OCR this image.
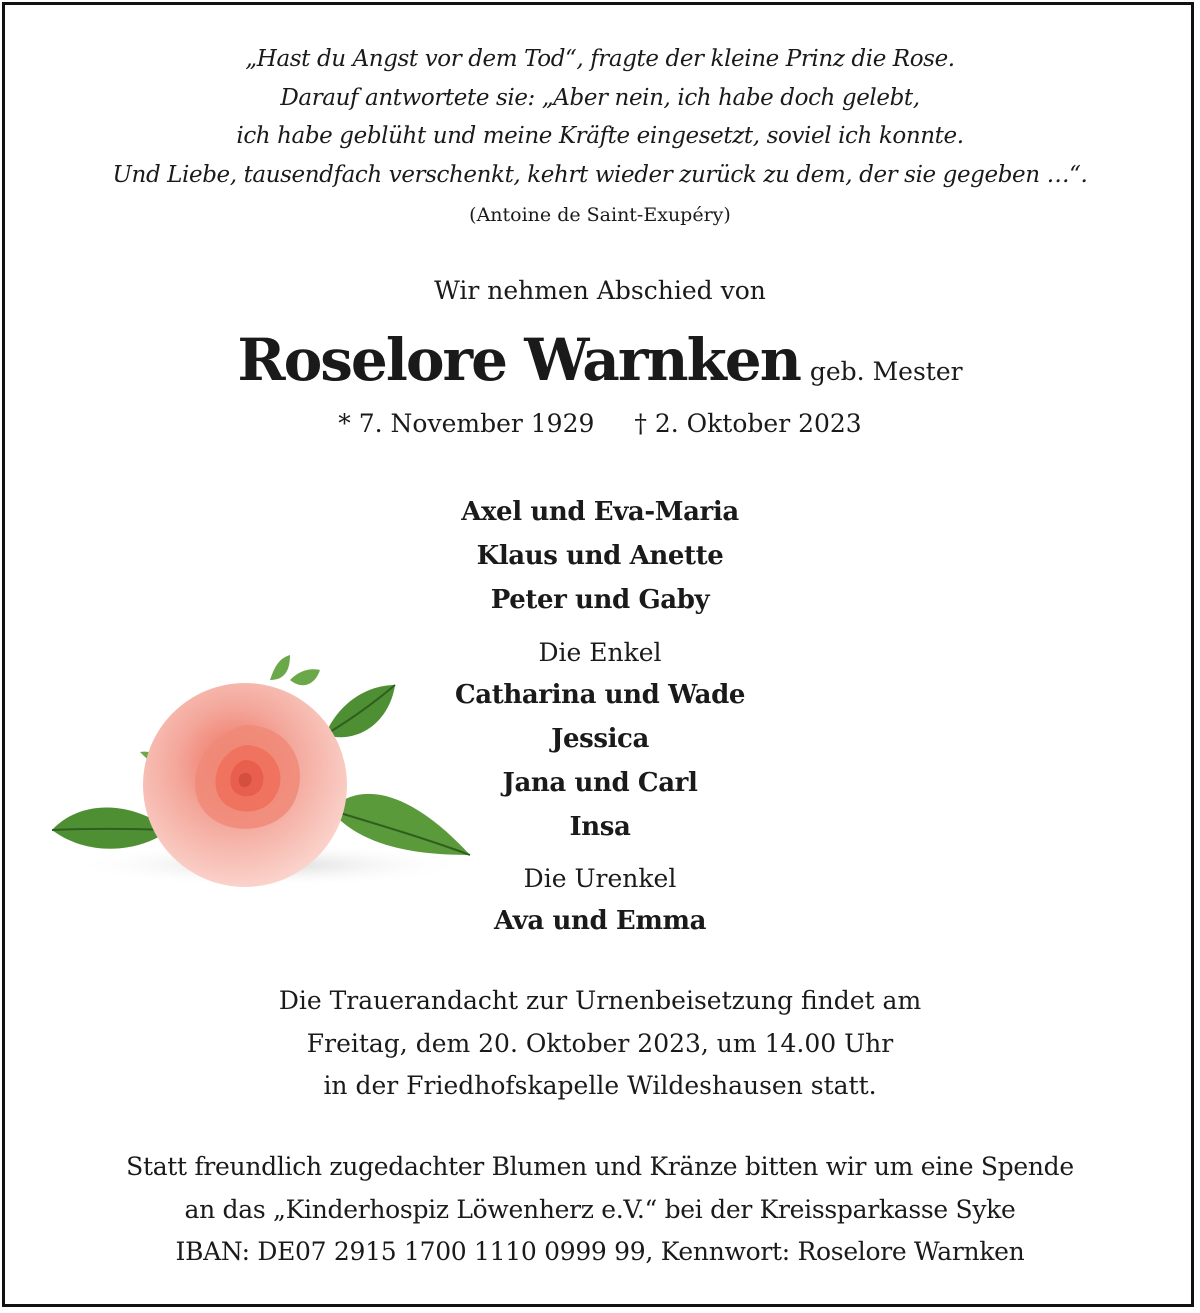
„Hast du Angst vor dem Tod“, fragte der kleine Prinz die Rose.
Darauf antwortete sie: „Aber nein, ich habe doch gelebt,
ich habe geblüht und meine Kräfte eingesetzt, soviel ich konnte.
Und Liebe, tausendfach verschenkt, kehrt wieder zurück zu dem, der sie gegeben …“.
(Antoine de Saint-Exupéry)
Wir nehmen Abschied von
Roselore Warnken geb. Mester
* 7. November 1929 † 2. Oktober 2023
Axel und Eva-Maria
Klaus und Anette
Peter und Gaby
Die Enkel
Catharina und Wade
Jessica
Jana und Carl
Insa
Die Urenkel
Ava und Emma
Die Trauerandacht zur Urnenbeisetzung findet am
Freitag, dem 20. Oktober 2023, um 14.00 Uhr
in der Friedhofskapelle Wildeshausen statt.
Statt freundlich zugedachter Blumen und Kränze bitten wir um eine Spende
an das „Kinderhospiz Löwenherz e.V.“ bei der Kreissparkasse Syke
IBAN: DE07 2915 1700 1110 0999 99, Kennwort: Roselore Warnken
